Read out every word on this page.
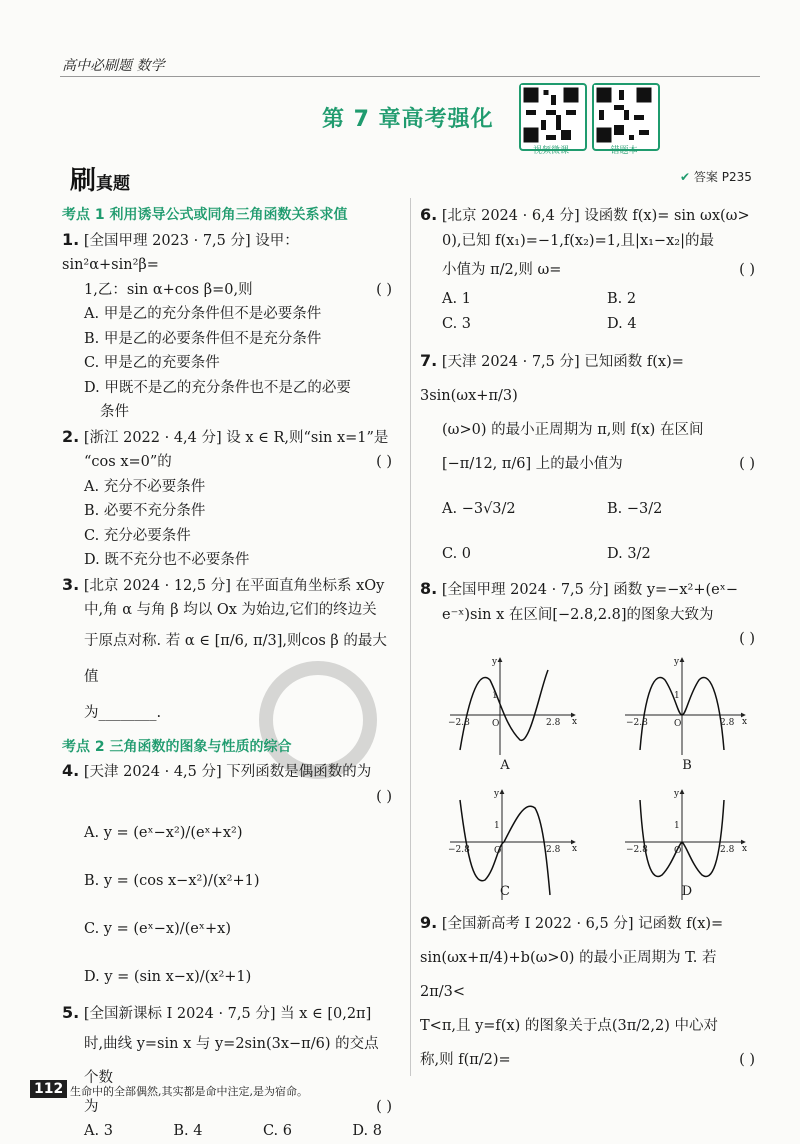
高中必刷题 数学
第 7 章高考强化
视频微课	错题本
刷真题	✔ 答案 P235

考点 1 利用诱导公式或同角三角函数关系求值

1. [全国甲理 2023 · 7,5 分] 设甲：sin²α+sin²β=

1,乙：sin α+cos β=0,则	( )

A. 甲是乙的充分条件但不是必要条件

B. 甲是乙的必要条件但不是充分条件

C. 甲是乙的充要条件

D. 甲既不是乙的充分条件也不是乙的必要

条件

2. [浙江 2022 · 4,4 分] 设 x ∈ R,则“sin x=1”是

“cos x=0”的	( )

A. 充分不必要条件

B. 必要不充分条件

C. 充分必要条件

D. 既不充分也不必要条件

3. [北京 2024 · 12,5 分] 在平面直角坐标系 xOy

中,角 α 与角 β 均以 Ox 为始边,它们的终边关

于原点对称. 若 α ∈ [π/6, π/3],则cos β 的最大值

为________.

考点 2 三角函数的图象与性质的综合

4. [天津 2024 · 4,5 分] 下列函数是偶函数的为

( )

A. y = (eˣ−x²)/(eˣ+x²)

B. y = (cos x−x²)/(x²+1)

C. y = (eˣ−x)/(eˣ+x)

D. y = (sin x−x)/(x²+1)

5. [全国新课标 Ⅰ 2024 · 7,5 分] 当 x ∈ [0,2π]

时,曲线 y=sin x 与 y=2sin(3x−π/6) 的交点个数

为	( )

A. 3	B. 4	C. 6	D. 8

6. [北京 2024 · 6,4 分] 设函数 f(x)= sin ωx(ω>

0),已知 f(x₁)=−1,f(x₂)=1,且|x₁−x₂|的最

小值为 π/2,则 ω=	( )

A. 1	B. 2

C. 3	D. 4

7. [天津 2024 · 7,5 分] 已知函数 f(x)= 3sin(ωx+π/3)

(ω>0) 的最小正周期为 π,则 f(x) 在区间

[−π/12, π/6] 上的最小值为	( )

A. −3√3/2	B. −3/2

C. 0	D. 3/2

8. [全国甲理 2024 · 7,5 分] 函数 y=−x²+(eˣ−

e⁻ˣ)sin x 在区间[−2.8,2.8]的图象大致为

( )

−2.8	2.8
O
1
x
y
−2.8	2.8
O
1
x
y
−2.8	2.8
O
1
x
y
−2.8	2.8
O
1
x
y
A	B
C	D

9. [全国新高考 Ⅰ 2022 · 6,5 分] 记函数 f(x)=

sin(ωx+π/4)+b(ω>0) 的最小正周期为 T. 若 2π/3<

T<π,且 y=f(x) 的图象关于点(3π/2,2) 中心对

称,则 f(π/2)=	( )

112 生命中的全部偶然,其实都是命中注定,是为宿命。
